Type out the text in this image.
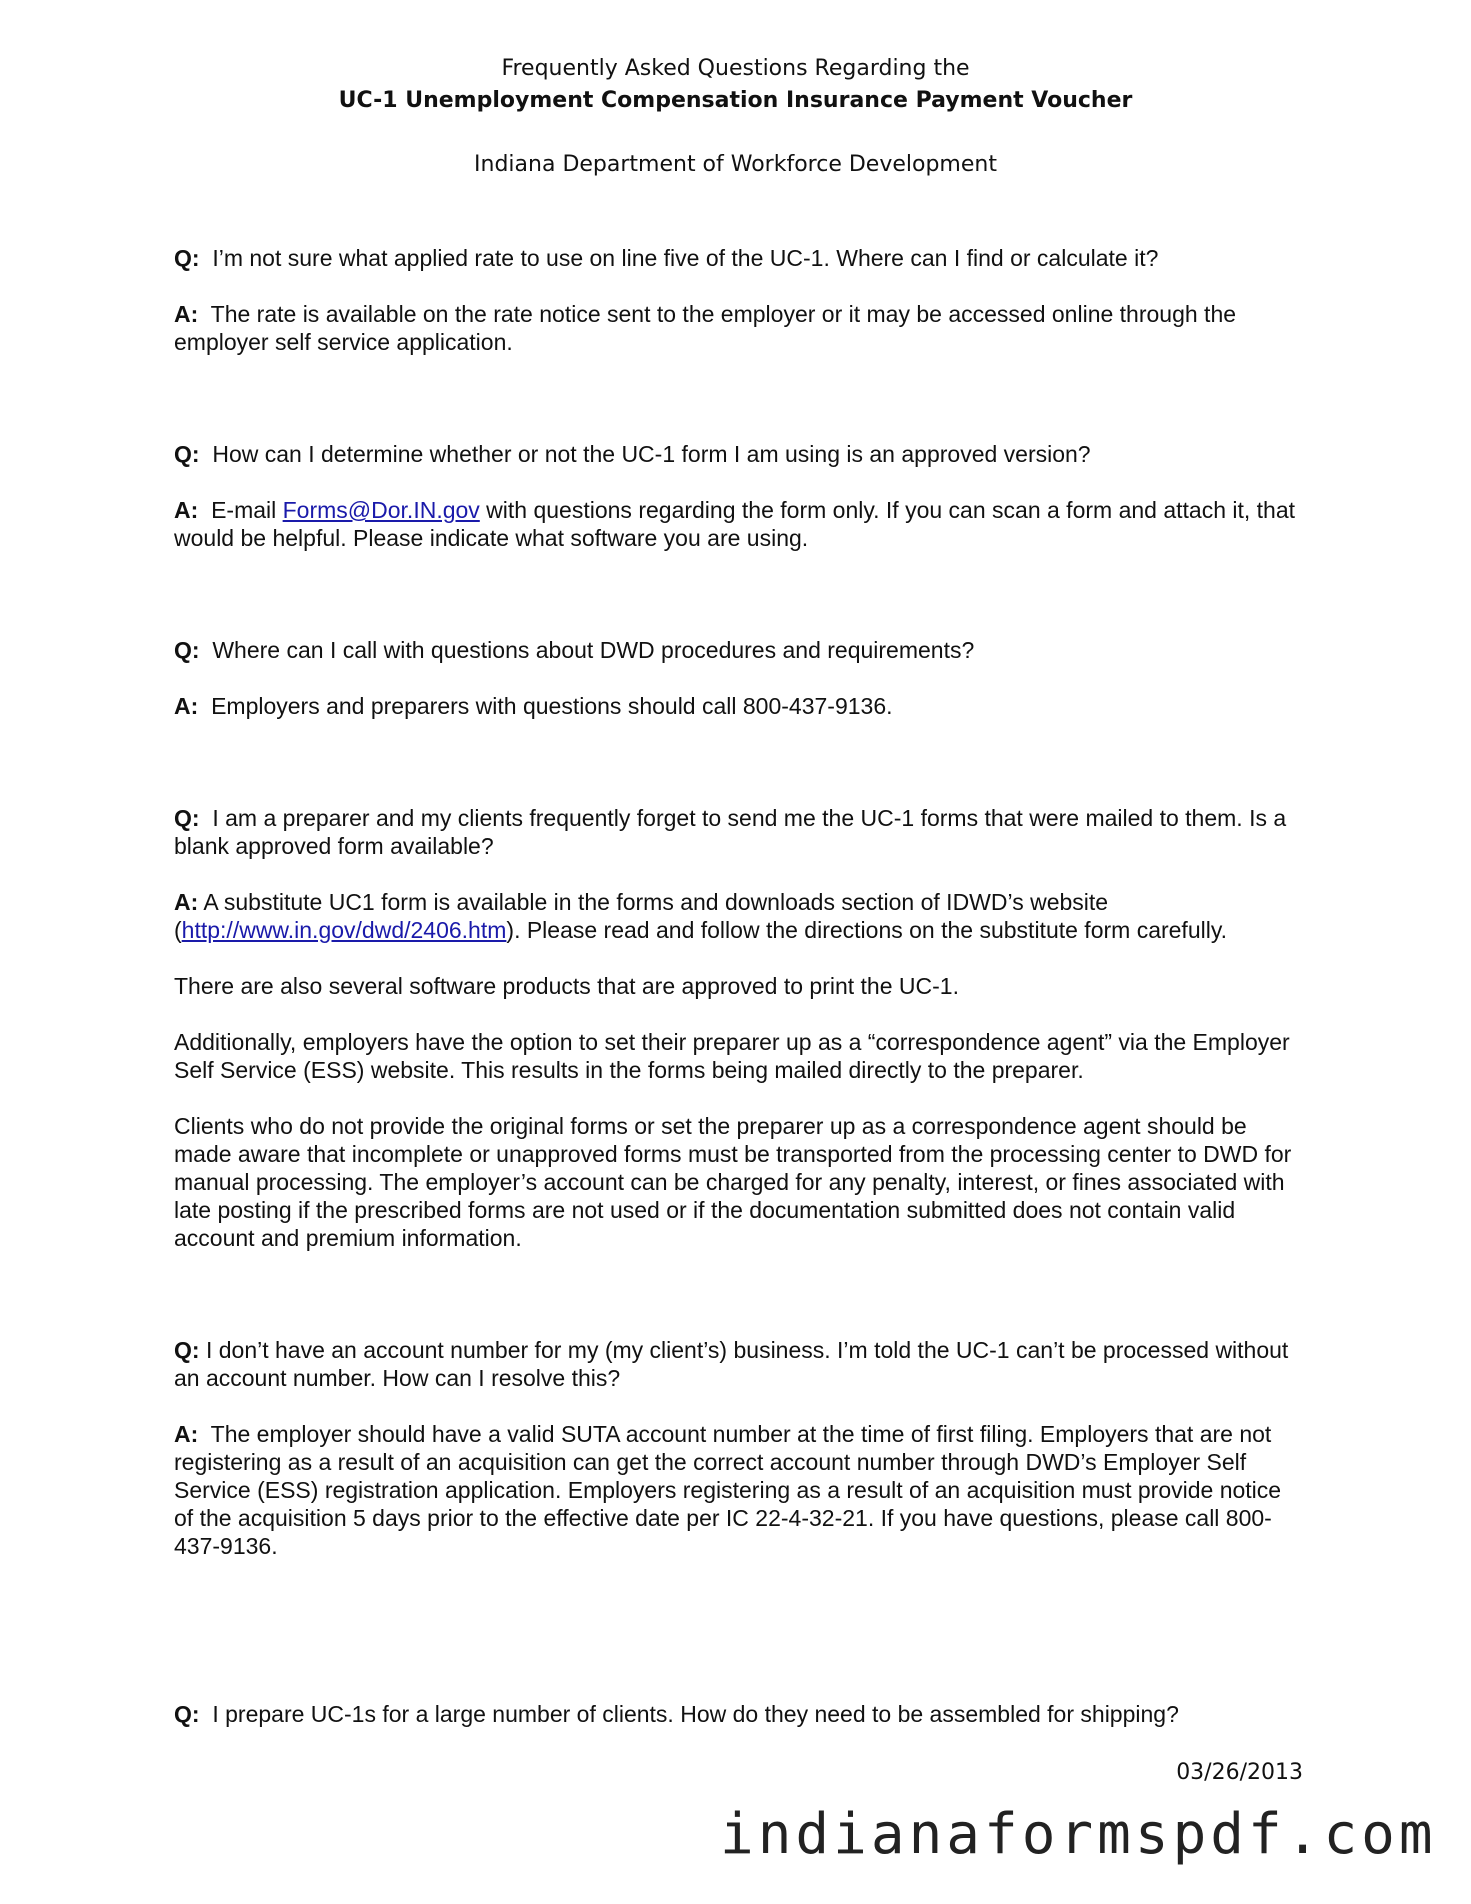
Frequently Asked Questions Regarding the
UC-1 Unemployment Compensation Insurance Payment Voucher
Indiana Department of Workforce Development

Q: I’m not sure what applied rate to use on line five of the UC-1. Where can I find or calculate it?

A: The rate is available on the rate notice sent to the employer or it may be accessed online through the employer self service application.

Q: How can I determine whether or not the UC-1 form I am using is an approved version?

A: E-mail Forms@Dor.IN.gov with questions regarding the form only. If you can scan a form and attach it, that would be helpful. Please indicate what software you are using.

Q: Where can I call with questions about DWD procedures and requirements?

A: Employers and preparers with questions should call 800-437-9136.

Q: I am a preparer and my clients frequently forget to send me the UC-1 forms that were mailed to them. Is a blank approved form available?

A: A substitute UC1 form is available in the forms and downloads section of IDWD’s website (http://www.in.gov/dwd/2406.htm). Please read and follow the directions on the substitute form carefully.

There are also several software products that are approved to print the UC-1.

Additionally, employers have the option to set their preparer up as a “correspondence agent” via the Employer Self Service (ESS) website. This results in the forms being mailed directly to the preparer.

Clients who do not provide the original forms or set the preparer up as a correspondence agent should be made aware that incomplete or unapproved forms must be transported from the processing center to DWD for manual processing. The employer’s account can be charged for any penalty, interest, or fines associated with late posting if the prescribed forms are not used or if the documentation submitted does not contain valid account and premium information.

Q: I don’t have an account number for my (my client’s) business. I’m told the UC-1 can’t be processed without an account number. How can I resolve this?

A: The employer should have a valid SUTA account number at the time of first filing. Employers that are not registering as a result of an acquisition can get the correct account number through DWD’s Employer Self Service (ESS) registration application. Employers registering as a result of an acquisition must provide notice of the acquisition 5 days prior to the effective date per IC 22-4-32-21. If you have questions, please call 800-437-9136.

Q: I prepare UC-1s for a large number of clients. How do they need to be assembled for shipping?

03/26/2013
indianaformspdf.com
